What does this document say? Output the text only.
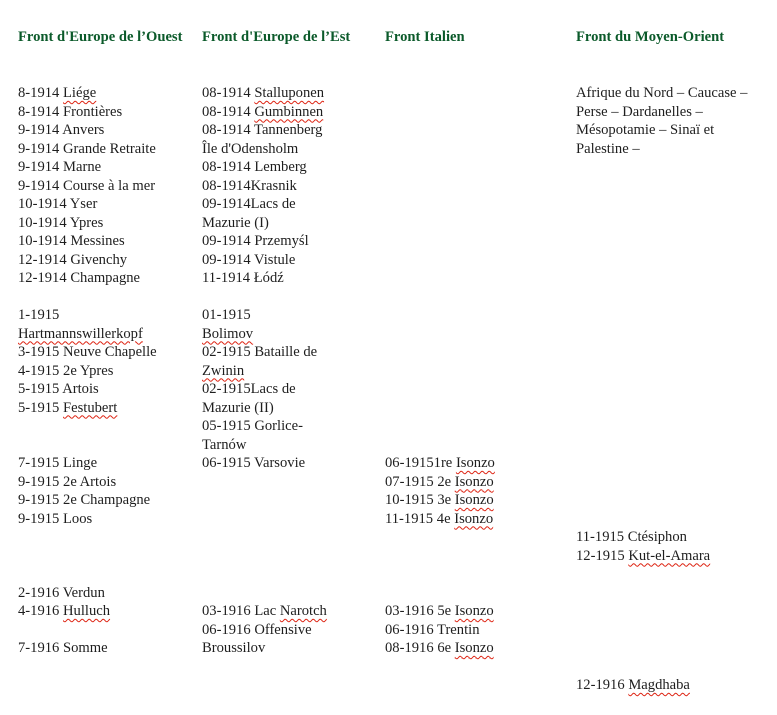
Front d'Europe de l’Ouest
8-1914 Liége
8-1914 Frontières
9-1914 Anvers
9-1914 Grande Retraite
9-1914 Marne
9-1914 Course à la mer
10-1914 Yser
10-1914 Ypres
10-1914 Messines
12-1914 Givenchy
12-1914 Champagne
1-1915
Hartmannswillerkopf
3-1915 Neuve Chapelle
4-1915 2e Ypres
5-1915 Artois
5-1915 Festubert
7-1915 Linge
9-1915 2e Artois
9-1915 2e Champagne
9-1915 Loos
2-1916 Verdun
4-1916 Hulluch
7-1916 Somme
Front d'Europe de l’Est
08-1914 Stalluponen
08-1914 Gumbinnen
08-1914 Tannenberg
Île d'Odensholm
08-1914 Lemberg
08-1914Krasnik
09-1914Lacs de
Mazurie (I)
09-1914 Przemyśl
09-1914 Vistule
11-1914 Łódź
01-1915
Bolimov
02-1915 Bataille de
Zwinin
02-1915Lacs de
Mazurie (II)
05-1915 Gorlice-
Tarnów
06-1915 Varsovie
03-1916 Lac Narotch
06-1916 Offensive
Broussilov
Front Italien
06-19151re Isonzo
07-1915 2e Isonzo
10-1915 3e Isonzo
11-1915 4e Isonzo
03-1916 5e Isonzo
06-1916 Trentin
08-1916 6e Isonzo
Front du Moyen-Orient
Afrique du Nord – Caucase – Perse – Dardanelles – Mésopotamie – Sinaï et Palestine –
11-1915 Ctésiphon
12-1915 Kut-el-Amara
12-1916 Magdhaba
